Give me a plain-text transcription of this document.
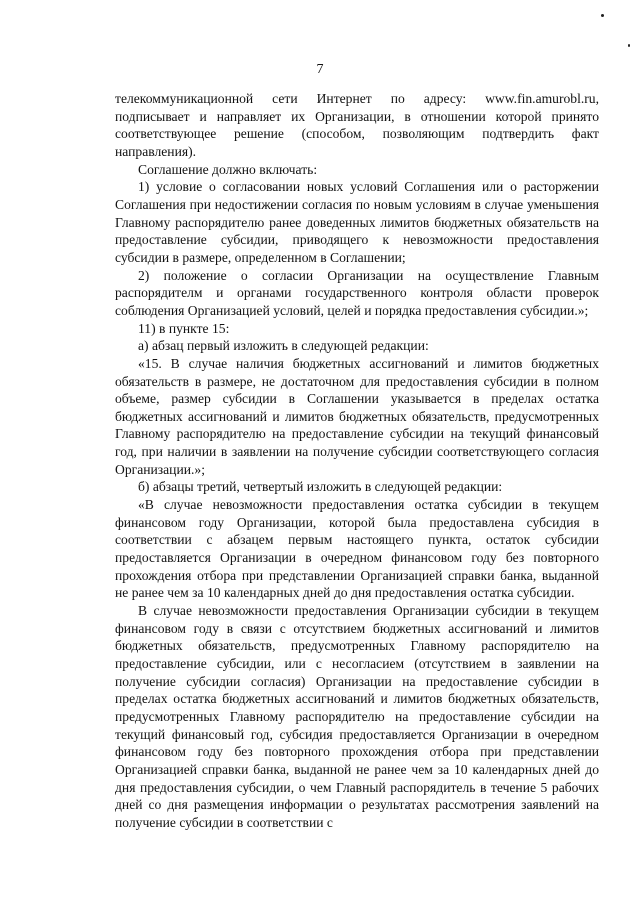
7

телекоммуникационной сети Интернет по адресу: www.fin.amurobl.ru, подписывает и направляет их Организации, в отношении которой принято соответствующее решение (способом, позволяющим подтвердить факт направления).

Соглашение должно включать:

1) условие о согласовании новых условий Соглашения или о расторжении Соглашения при недостижении согласия по новым условиям в случае уменьшения Главному распорядителю ранее доведенных лимитов бюджетных обязательств на предоставление субсидии, приводящего к невозможности предоставления субсидии в размере, определенном в Соглашении;

2) положение о согласии Организации на осуществление Главным распорядителм и органами государственного контроля области проверок соблюдения Организацией условий, целей и порядка предоставления субсидии.»;

11) в пункте 15:

а) абзац первый изложить в следующей редакции:

«15. В случае наличия бюджетных ассигнований и лимитов бюджетных обязательств в размере, не достаточном для предоставления субсидии в полном объеме, размер субсидии в Соглашении указывается в пределах остатка бюджетных ассигнований и лимитов бюджетных обязательств, предусмотренных Главному распорядителю на предоставление субсидии на текущий финансовый год, при наличии в заявлении на получение субсидии соответствующего согласия Организации.»;

б) абзацы третий, четвертый изложить в следующей редакции:

«В случае невозможности предоставления остатка субсидии в текущем финансовом году Организации, которой была предоставлена субсидия в соответствии с абзацем первым настоящего пункта, остаток субсидии предоставляется Организации в очередном финансовом году без повторного прохождения отбора при представлении Организацией справки банка, выданной не ранее чем за 10 календарных дней до дня предоставления остатка субсидии.

В случае невозможности предоставления Организации субсидии в текущем финансовом году в связи с отсутствием бюджетных ассигнований и лимитов бюджетных обязательств, предусмотренных Главному распорядителю на предоставление субсидии, или с несогласием (отсутствием в заявлении на получение субсидии согласия) Организации на предоставление субсидии в пределах остатка бюджетных ассигнований и лимитов бюджетных обязательств, предусмотренных Главному распорядителю на предоставление субсидии на текущий финансовый год, субсидия предоставляется Организации в очередном финансовом году без повторного прохождения отбора при представлении Организацией справки банка, выданной не ранее чем за 10 календарных дней до дня предоставления субсидии, о чем Главный распорядитель в течение 5 рабочих дней со дня размещения информации о результатах рассмотрения заявлений на получение субсидии в соответствии с
